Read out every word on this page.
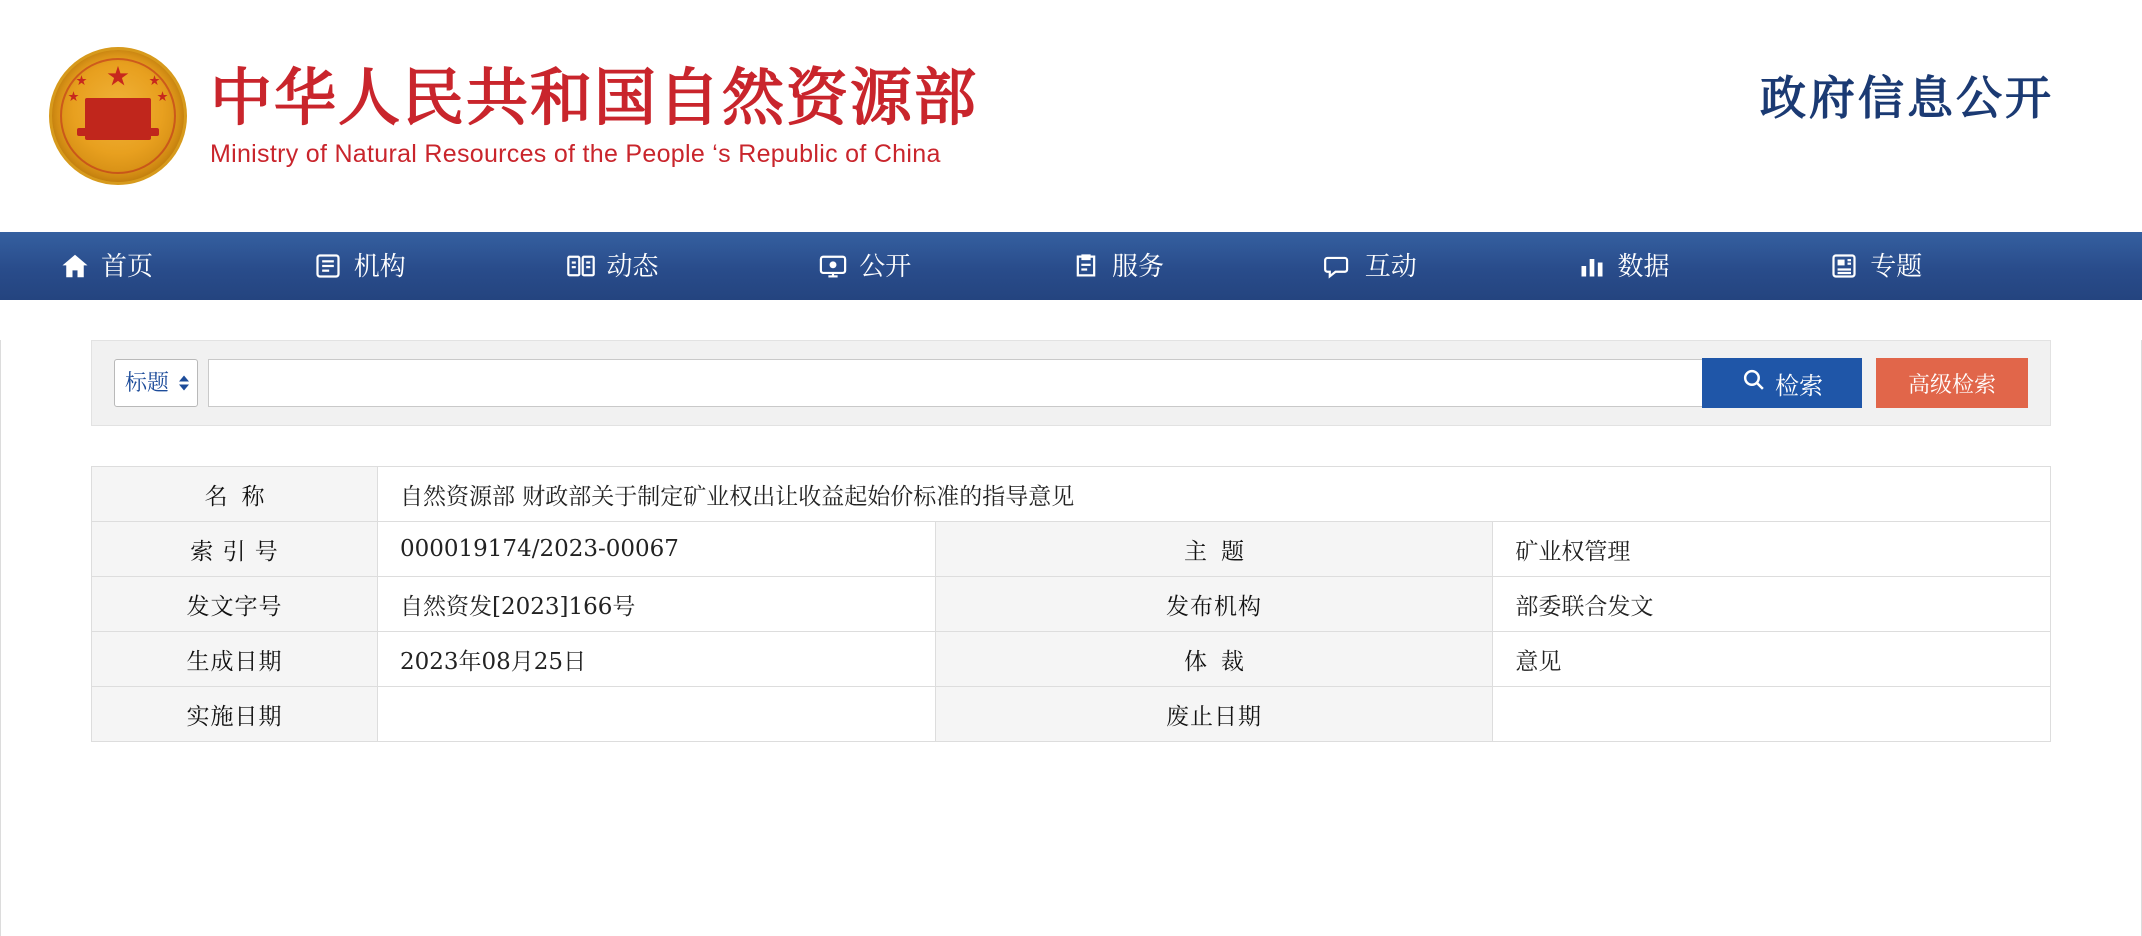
★
★
★
★
★ 中华人民共和国自然资源部
Ministry of Natural Resources of the People ‘s Republic of China
政府信息公开
首页	机构	动态	公开	服务	互动	数据	专题
标题	检索	高级检索
名称	自然资源部 财政部关于制定矿业权出让收益起始价标准的指导意见		
索 引 号	000019174/2023-00067	主题	矿业权管理
发文字号	自然资发[2023]166号	发布机构	部委联合发文
生成日期	2023年08月25日	体裁	意见
实施日期		废止日期	
